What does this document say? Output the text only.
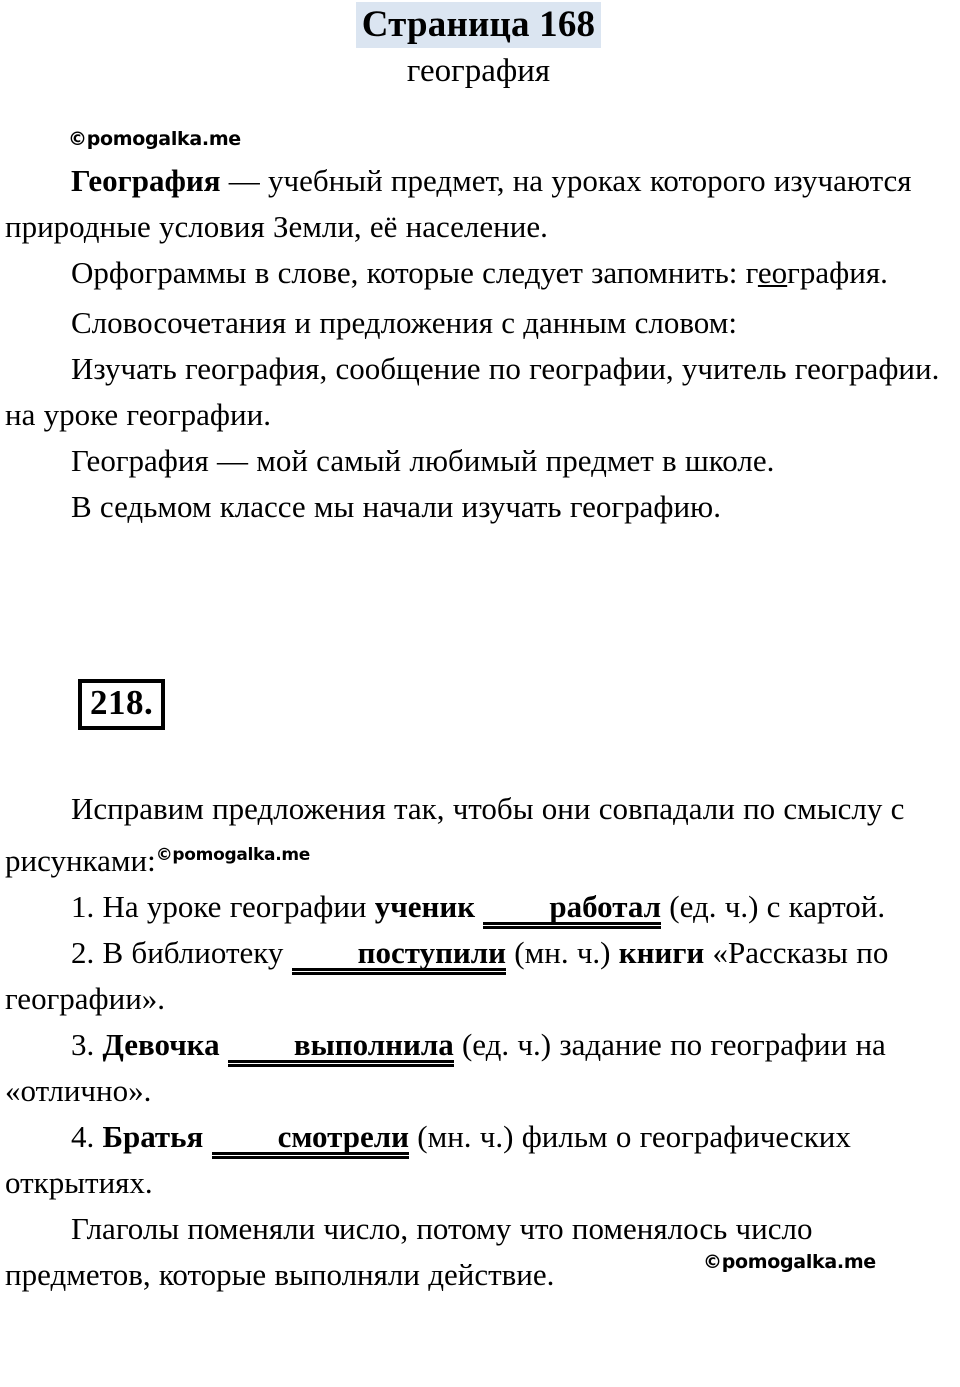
Страница 168
география
©pomogalka.me

География — учебный предмет, на уроках которого изучаются природные условия Земли, её население.

Орфограммы в слове, которые следует запомнить: география.

Словосочетания и предложения с данным словом:

Изучать география, сообщение по географии, учитель географии. на уроке географии.

География — мой самый любимый предмет в школе.

В седьмом классе мы начали изучать географию.

218.

Исправим предложения так, чтобы они совпадали по смыслу с рисунками:$^{©pomogalka.me}$

1. На уроке географии ученик работал (ед. ч.) с картой.

2. В библиотеку поступили (мн. ч.) книги «Рассказы по географии».

3. Девочка выполнила (ед. ч.) задание по географии на «отлично».

4. Братья смотрели (мн. ч.) фильм о географических открытиях.

Глаголы поменяли число, потому что поменялось число предметов, которые выполняли действие.	©pomogalka.me
